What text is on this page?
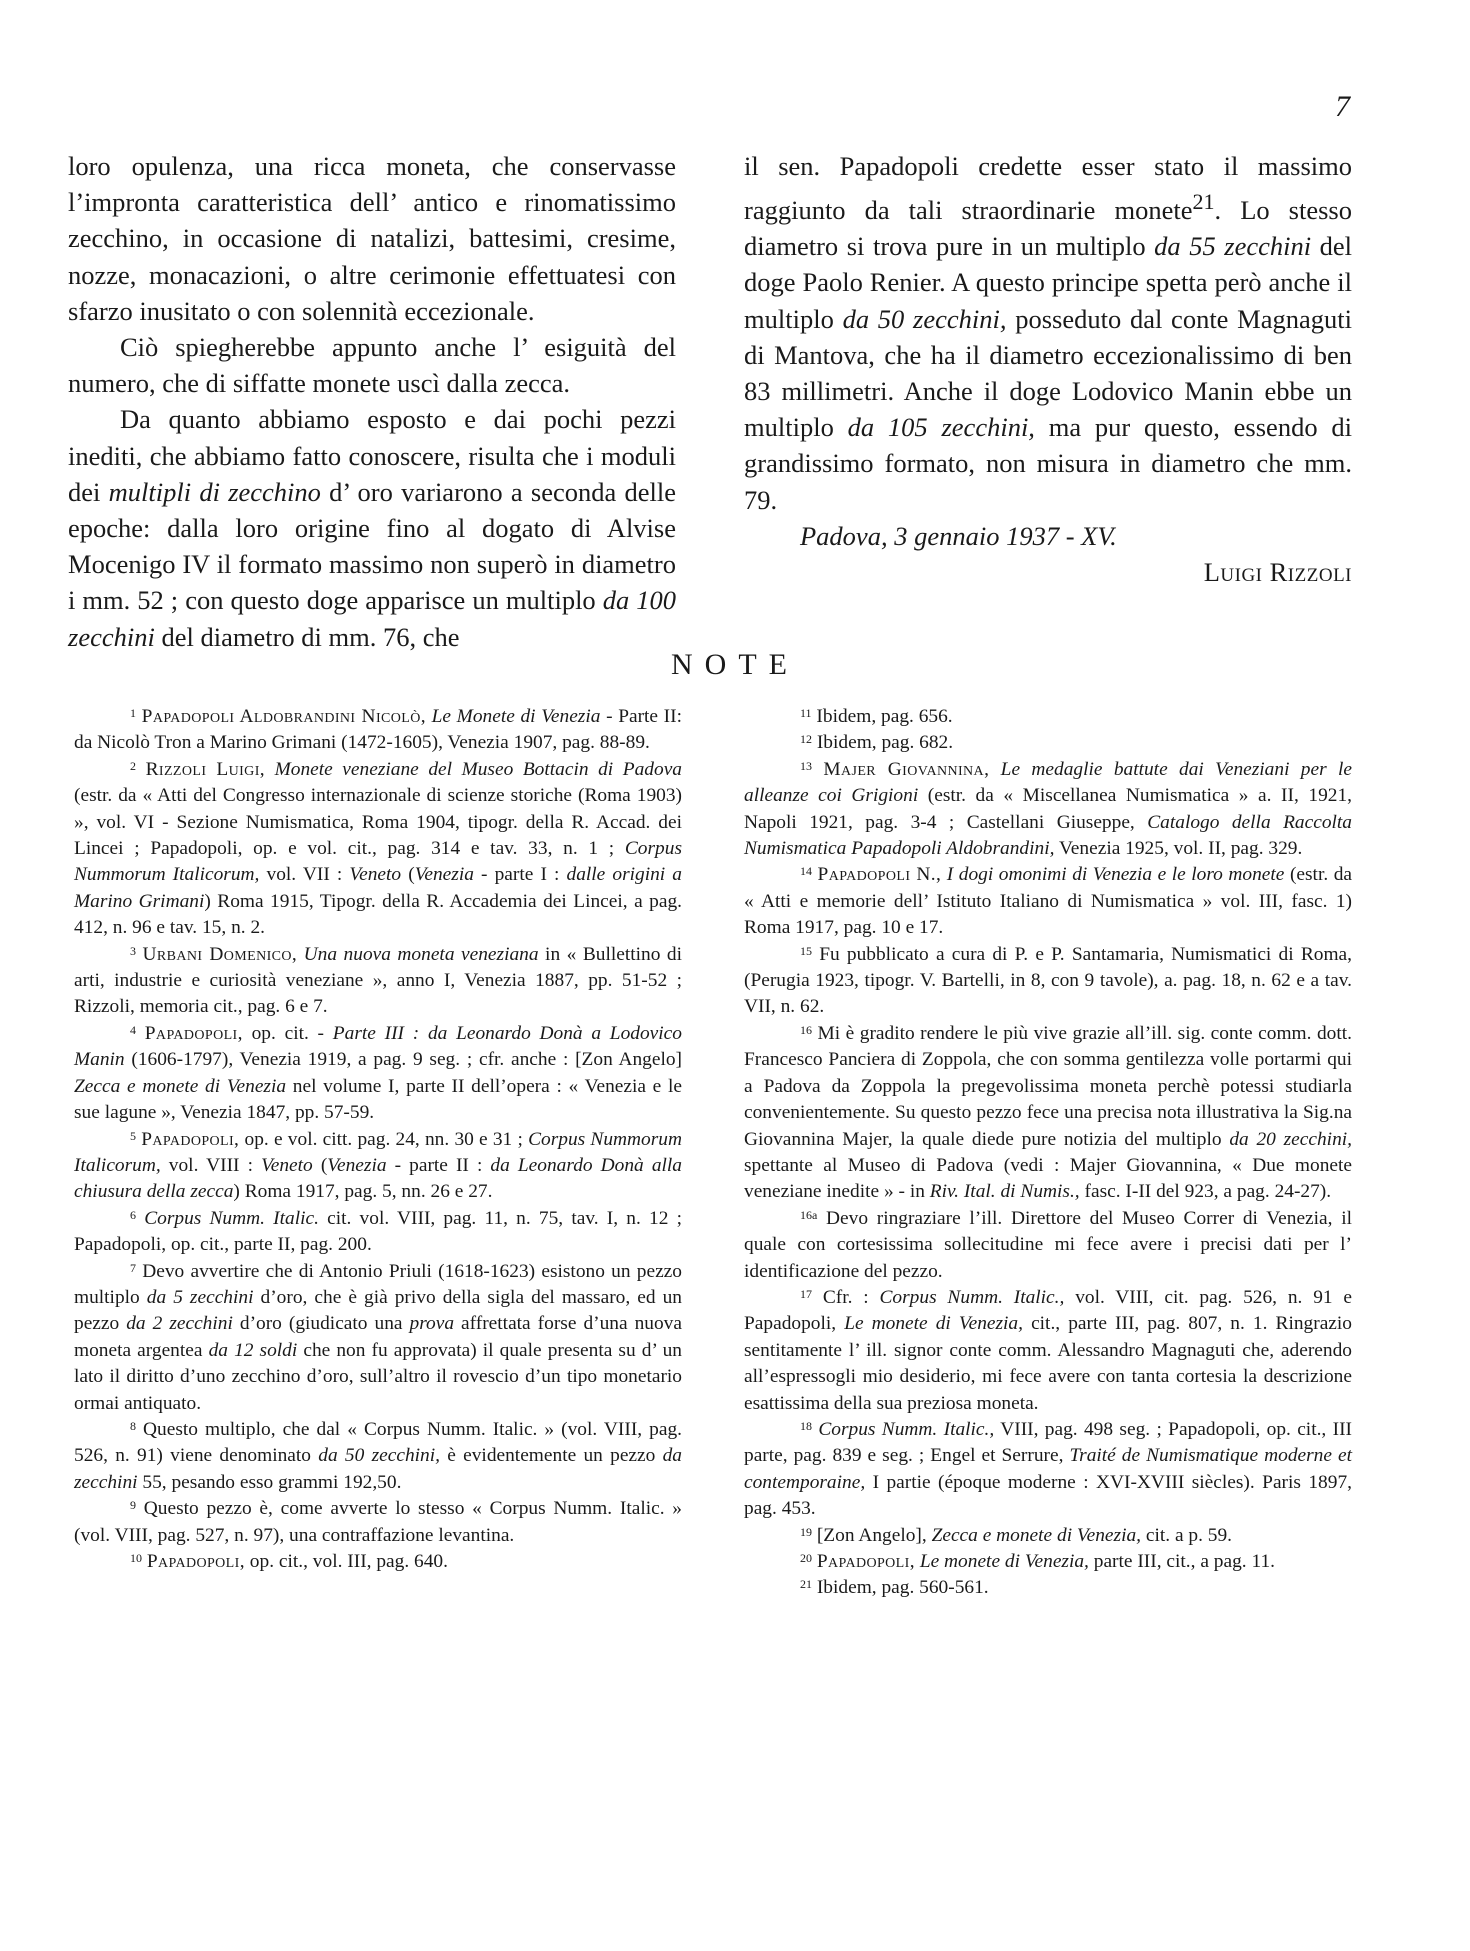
7

loro opulenza, una ricca moneta, che conservasse l’impronta caratteristica dell’ antico e rinomatissimo zecchino, in occasione di natalizi, battesimi, cresime, nozze, monacazioni, o altre cerimonie effettuatesi con sfarzo inusitato o con solennità eccezionale.

Ciò spiegherebbe appunto anche l’ esiguità del numero, che di siffatte monete uscì dalla zecca.

Da quanto abbiamo esposto e dai pochi pezzi inediti, che abbiamo fatto conoscere, risulta che i moduli dei multipli di zecchino d’ oro variarono a seconda delle epoche: dalla loro origine fino al dogato di Alvise Mocenigo IV il formato massimo non superò in diametro i mm. 52 ; con questo doge apparisce un multiplo da 100 zecchini del diametro di mm. 76, che

il sen. Papadopoli credette esser stato il massimo raggiunto da tali straordinarie monete$^{21}$. Lo stesso diametro si trova pure in un multiplo da 55 zecchini del doge Paolo Renier. A questo principe spetta però anche il multiplo da 50 zecchini, posseduto dal conte Magnaguti di Mantova, che ha il diametro eccezionalissimo di ben 83 millimetri. Anche il doge Lodovico Manin ebbe un multiplo da 105 zecchini, ma pur questo, essendo di grandissimo formato, non misura in diametro che mm. 79.

Padova, 3 gennaio 1937 - XV.

Luigi Rizzoli

NOTE

$^1$ Papadopoli Aldobrandini Nicolò, Le Monete di Venezia - Parte II: da Nicolò Tron a Marino Grimani (1472-1605), Venezia 1907, pag. 88-89.

$^2$ Rizzoli Luigi, Monete veneziane del Museo Bottacin di Padova (estr. da « Atti del Congresso internazionale di scienze storiche (Roma 1903) », vol. VI - Sezione Numismatica, Roma 1904, tipogr. della R. Accad. dei Lincei ; Papadopoli, op. e vol. cit., pag. 314 e tav. 33, n. 1 ; Corpus Nummorum Italicorum, vol. VII : Veneto (Venezia - parte I : dalle origini a Marino Grimani) Roma 1915, Tipogr. della R. Accademia dei Lincei, a pag. 412, n. 96 e tav. 15, n. 2.

$^3$ Urbani Domenico, Una nuova moneta veneziana in « Bullettino di arti, industrie e curiosità veneziane », anno I, Venezia 1887, pp. 51-52 ; Rizzoli, memoria cit., pag. 6 e 7.

$^4$ Papadopoli, op. cit. - Parte III : da Leonardo Donà a Lodovico Manin (1606-1797), Venezia 1919, a pag. 9 seg. ; cfr. anche : [Zon Angelo] Zecca e monete di Venezia nel volume I, parte II dell’opera : « Venezia e le sue lagune », Venezia 1847, pp. 57-59.

$^5$ Papadopoli, op. e vol. citt. pag. 24, nn. 30 e 31 ; Corpus Nummorum Italicorum, vol. VIII : Veneto (Venezia - parte II : da Leonardo Donà alla chiusura della zecca) Roma 1917, pag. 5, nn. 26 e 27.

$^6$ Corpus Numm. Italic. cit. vol. VIII, pag. 11, n. 75, tav. I, n. 12 ; Papadopoli, op. cit., parte II, pag. 200.

$^7$ Devo avvertire che di Antonio Priuli (1618-1623) esistono un pezzo multiplo da 5 zecchini d’oro, che è già privo della sigla del massaro, ed un pezzo da 2 zecchini d’oro (giudicato una prova affrettata forse d’una nuova moneta argentea da 12 soldi che non fu approvata) il quale presenta su d’ un lato il diritto d’uno zecchino d’oro, sull’altro il rovescio d’un tipo monetario ormai antiquato.

$^8$ Questo multiplo, che dal « Corpus Numm. Italic. » (vol. VIII, pag. 526, n. 91) viene denominato da 50 zecchini, è evidentemente un pezzo da zecchini 55, pesando esso grammi 192,50.

$^9$ Questo pezzo è, come avverte lo stesso « Corpus Numm. Italic. » (vol. VIII, pag. 527, n. 97), una contraffazione levantina.

$^{10}$ Papadopoli, op. cit., vol. III, pag. 640.

$^{11}$ Ibidem, pag. 656.

$^{12}$ Ibidem, pag. 682.

$^{13}$ Majer Giovannina, Le medaglie battute dai Veneziani per le alleanze coi Grigioni (estr. da « Miscellanea Numismatica » a. II, 1921, Napoli 1921, pag. 3-4 ; Castellani Giuseppe, Catalogo della Raccolta Numismatica Papadopoli Aldobrandini, Venezia 1925, vol. II, pag. 329.

$^{14}$ Papadopoli N., I dogi omonimi di Venezia e le loro monete (estr. da « Atti e memorie dell’ Istituto Italiano di Numismatica » vol. III, fasc. 1) Roma 1917, pag. 10 e 17.

$^{15}$ Fu pubblicato a cura di P. e P. Santamaria, Numismatici di Roma, (Perugia 1923, tipogr. V. Bartelli, in 8, con 9 tavole), a. pag. 18, n. 62 e a tav. VII, n. 62.

$^{16}$ Mi è gradito rendere le più vive grazie all’ill. sig. conte comm. dott. Francesco Panciera di Zoppola, che con somma gentilezza volle portarmi qui a Padova da Zoppola la pregevolissima moneta perchè potessi studiarla convenientemente. Su questo pezzo fece una precisa nota illustrativa la Sig.na Giovannina Majer, la quale diede pure notizia del multiplo da 20 zecchini, spettante al Museo di Padova (vedi : Majer Giovannina, « Due monete veneziane inedite » - in Riv. Ital. di Numis., fasc. I-II del 923, a pag. 24-27).

$^{16a}$ Devo ringraziare l’ill. Direttore del Museo Correr di Venezia, il quale con cortesissima sollecitudine mi fece avere i precisi dati per l’ identificazione del pezzo.

$^{17}$ Cfr. : Corpus Numm. Italic., vol. VIII, cit. pag. 526, n. 91 e Papadopoli, Le monete di Venezia, cit., parte III, pag. 807, n. 1. Ringrazio sentitamente l’ ill. signor conte comm. Alessandro Magnaguti che, aderendo all’espressogli mio desiderio, mi fece avere con tanta cortesia la descrizione esattissima della sua preziosa moneta.

$^{18}$ Corpus Numm. Italic., VIII, pag. 498 seg. ; Papadopoli, op. cit., III parte, pag. 839 e seg. ; Engel et Serrure, Traité de Numismatique moderne et contemporaine, I partie (époque moderne : XVI-XVIII siècles). Paris 1897, pag. 453.

$^{19}$ [Zon Angelo], Zecca e monete di Venezia, cit. a p. 59.

$^{20}$ Papadopoli, Le monete di Venezia, parte III, cit., a pag. 11.

$^{21}$ Ibidem, pag. 560-561.
